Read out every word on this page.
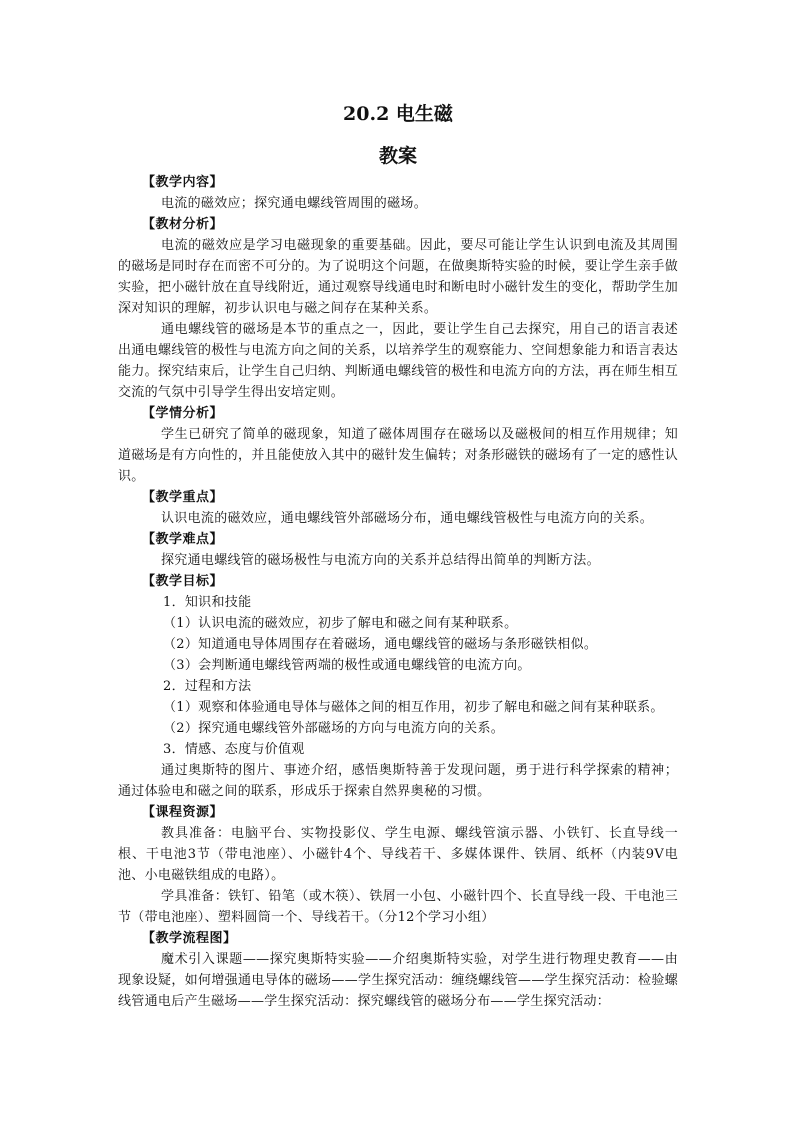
20.2 电生磁
教案
【教学内容】
电流的磁效应；探究通电螺线管周围的磁场。
【教材分析】
电流的磁效应是学习电磁现象的重要基础。因此，要尽可能让学生认识到电流及其周围的磁场是同时存在而密不可分的。为了说明这个问题，在做奥斯特实验的时候，要让学生亲手做实验，把小磁针放在直导线附近，通过观察导线通电时和断电时小磁针发生的变化，帮助学生加深对知识的理解，初步认识电与磁之间存在某种关系。
通电螺线管的磁场是本节的重点之一，因此，要让学生自己去探究，用自己的语言表述出通电螺线管的极性与电流方向之间的关系，以培养学生的观察能力、空间想象能力和语言表达能力。探究结束后，让学生自己归纳、判断通电螺线管的极性和电流方向的方法，再在师生相互交流的气氛中引导学生得出安培定则。
【学情分析】
学生已研究了简单的磁现象，知道了磁体周围存在磁场以及磁极间的相互作用规律；知道磁场是有方向性的，并且能使放入其中的磁针发生偏转；对条形磁铁的磁场有了一定的感性认识。
【教学重点】
认识电流的磁效应，通电螺线管外部磁场分布，通电螺线管极性与电流方向的关系。
【教学难点】
探究通电螺线管的磁场极性与电流方向的关系并总结得出简单的判断方法。
【教学目标】
1．知识和技能
（1）认识电流的磁效应，初步了解电和磁之间有某种联系。
（2）知道通电导体周围存在着磁场，通电螺线管的磁场与条形磁铁相似。
（3）会判断通电螺线管两端的极性或通电螺线管的电流方向。
2．过程和方法
（1）观察和体验通电导体与磁体之间的相互作用，初步了解电和磁之间有某种联系。
（2）探究通电螺线管外部磁场的方向与电流方向的关系。
3．情感、态度与价值观
通过奥斯特的图片、事迹介绍，感悟奥斯特善于发现问题，勇于进行科学探索的精神；通过体验电和磁之间的联系，形成乐于探索自然界奥秘的习惯。
【课程资源】
教具准备：电脑平台、实物投影仪、学生电源、螺线管演示器、小铁钉、长直导线一根、干电池3节（带电池座）、小磁针4个、导线若干、多媒体课件、铁屑、纸杯（内装9V电池、小电磁铁组成的电路）。
学具准备：铁钉、铅笔（或木筷）、铁屑一小包、小磁针四个、长直导线一段、干电池三节（带电池座）、塑料圆筒一个、导线若干。（分12个学习小组）
【教学流程图】
魔术引入课题——探究奥斯特实验——介绍奥斯特实验，对学生进行物理史教育——由现象设疑，如何增强通电导体的磁场——学生探究活动：缠绕螺线管——学生探究活动：检验螺线管通电后产生磁场——学生探究活动：探究螺线管的磁场分布——学生探究活动：
